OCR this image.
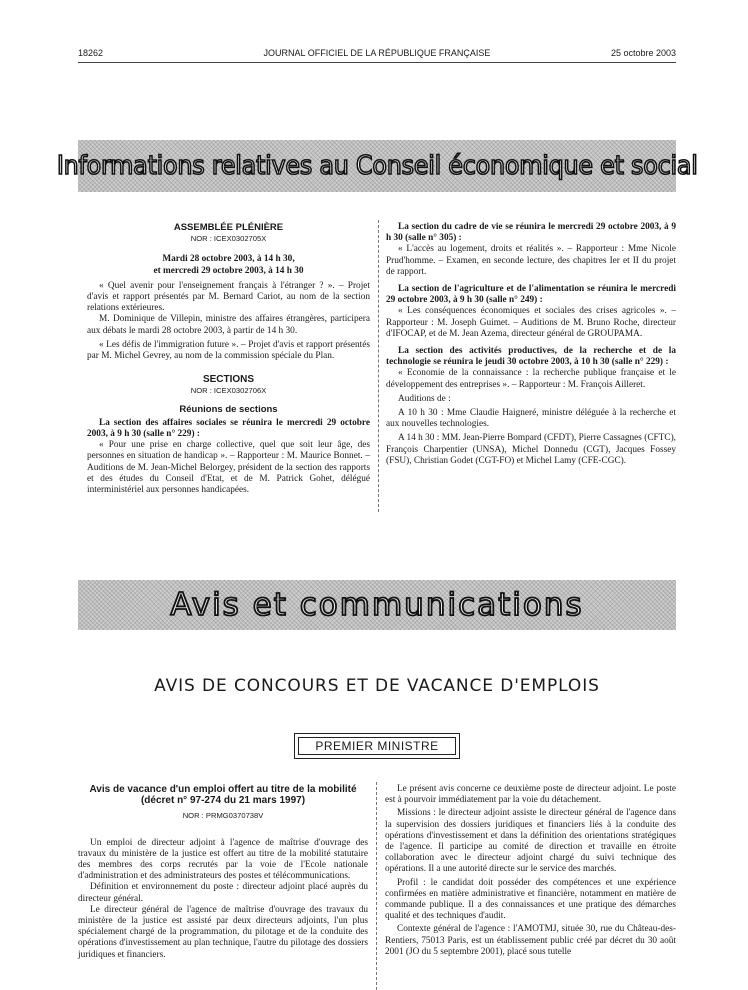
18262	JOURNAL OFFICIEL DE LA RÉPUBLIQUE FRANÇAISE	25 octobre 2003
Informations relatives au Conseil économique et social

ASSEMBLÉE PLÉNIÈRE

NOR : ICEX0302705X

Mardi 28 octobre 2003, à 14 h 30,

et mercredi 29 octobre 2003, à 14 h 30

« Quel avenir pour l'enseignement français à l'étranger ? ». – Projet d'avis et rapport présentés par M. Bernard Cariot, au nom de la section relations extérieures.

M. Dominique de Villepin, ministre des affaires étrangères, participera aux débats le mardi 28 octobre 2003, à partir de 14 h 30.

« Les défis de l'immigration future ». – Projet d'avis et rapport présentés par M. Michel Gevrey, au nom de la commission spéciale du Plan.

SECTIONS

NOR : ICEX0302706X

Réunions de sections

La section des affaires sociales se réunira le mercredi 29 octobre 2003, à 9 h 30 (salle n° 229) :

« Pour une prise en charge collective, quel que soit leur âge, des personnes en situation de handicap ». – Rapporteur : M. Maurice Bonnet. – Auditions de M. Jean-Michel Belorgey, président de la section des rapports et des études du Conseil d'Etat, et de M. Patrick Gohet, délégué interministériel aux personnes handicapées.

La section du cadre de vie se réunira le mercredi 29 octobre 2003, à 9 h 30 (salle n° 305) :

« L'accès au logement, droits et réalités ». – Rapporteur : Mme Nicole Prud'homme. – Examen, en seconde lecture, des chapitres Ier et II du projet de rapport.

La section de l'agriculture et de l'alimentation se réunira le mercredi 29 octobre 2003, à 9 h 30 (salle n° 249) :

« Les conséquences économiques et sociales des crises agricoles ». – Rapporteur : M. Joseph Guimet. – Auditions de M. Bruno Roche, directeur d'IFOCAP, et de M. Jean Azema, directeur général de GROUPAMA.

La section des activités productives, de la recherche et de la technologie se réunira le jeudi 30 octobre 2003, à 10 h 30 (salle n° 229) :

« Economie de la connaissance : la recherche publique française et le développement des entreprises ». – Rapporteur : M. François Ailleret.

Auditions de :

A 10 h 30 : Mme Claudie Haigneré, ministre déléguée à la recherche et aux nouvelles technologies.

A 14 h 30 : MM. Jean-Pierre Bompard (CFDT), Pierre Cassagnes (CFTC), François Charpentier (UNSA), Michel Donnedu (CGT), Jacques Fossey (FSU), Christian Godet (CGT-FO) et Michel Lamy (CFE-CGC).

Avis et communications
AVIS DE CONCOURS ET DE VACANCE D'EMPLOIS
PREMIER MINISTRE

Avis de vacance d'un emploi offert au titre de la mobilité

(décret n° 97-274 du 21 mars 1997)

NOR : PRMG0370738V

Un emploi de directeur adjoint à l'agence de maîtrise d'ouvrage des travaux du ministère de la justice est offert au titre de la mobilité statutaire des membres des corps recrutés par la voie de l'Ecole nationale d'administration et des administrateurs des postes et télécommunications.

Définition et environnement du poste : directeur adjoint placé auprès du directeur général.

Le directeur général de l'agence de maîtrise d'ouvrage des travaux du ministère de la justice est assisté par deux directeurs adjoints, l'un plus spécialement chargé de la programmation, du pilotage et de la conduite des opérations d'investissement au plan technique, l'autre du pilotage des dossiers juridiques et financiers.

Le présent avis concerne ce deuxième poste de directeur adjoint. Le poste est à pourvoir immédiatement par la voie du détachement.

Missions : le directeur adjoint assiste le directeur général de l'agence dans la supervision des dossiers juridiques et financiers liés à la conduite des opérations d'investissement et dans la définition des orientations stratégiques de l'agence. Il participe au comité de direction et travaille en étroite collaboration avec le directeur adjoint chargé du suivi technique des opérations. Il a une autorité directe sur le service des marchés.

Profil : le candidat doit posséder des compétences et une expérience confirmées en matière administrative et financière, notamment en matière de commande publique. Il a des connaissances et une pratique des démarches qualité et des techniques d'audit.

Contexte général de l'agence : l'AMOTMJ, située 30, rue du Château-des-Rentiers, 75013 Paris, est un établissement public créé par décret du 30 août 2001 (JO du 5 septembre 2001), placé sous tutelle
